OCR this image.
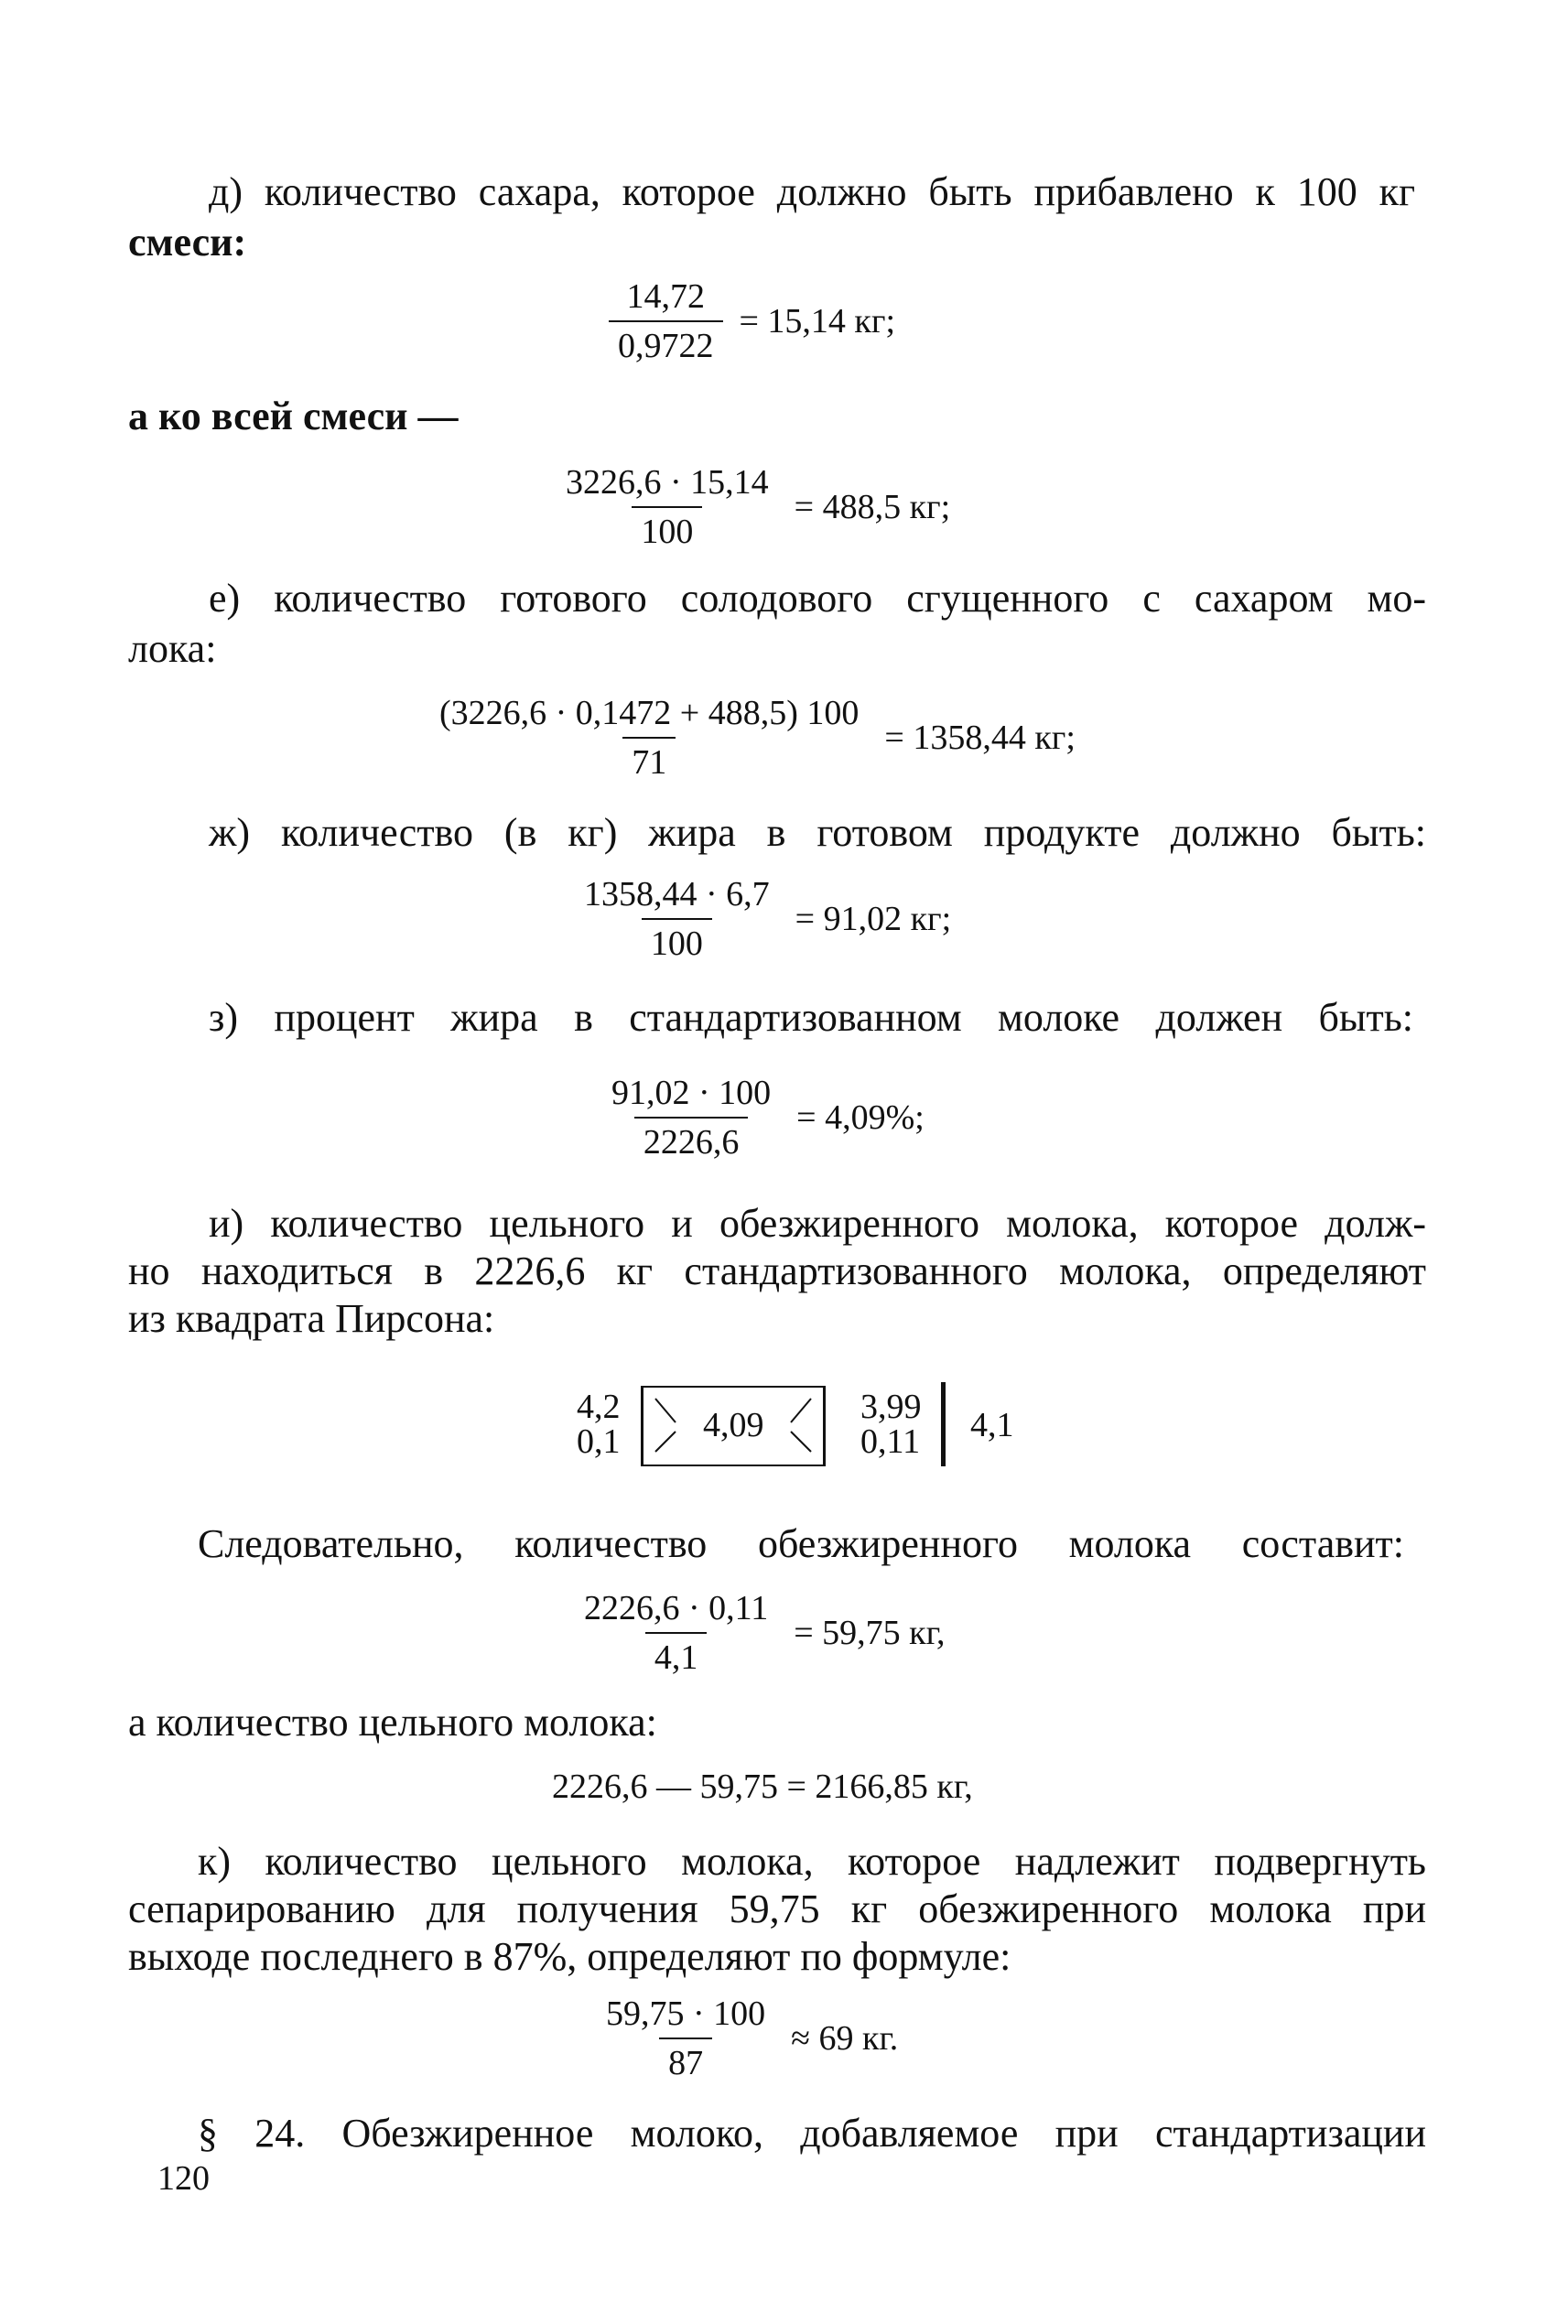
д) количество сахара, которое должно быть прибавлено к 100 кг
смеси:
$\frac{14,72}{0,9722} = 15,14$ кг;
а ко всей смеси —
$\frac{3226,6 \cdot 15,14}{100} = 488,5$ кг;
е) количество готового солодового сгущенного с сахаром мо-
лока:
$\frac{(3226,6 \cdot 0,1472 + 488,5) 100}{71} = 1358,44$ кг;
ж) количество (в кг) жира в готовом продукте должно быть:
$\frac{1358,44 \cdot 6,7}{100} = 91,02$ кг;
з) процент жира в стандартизованном молоке должен быть:
$\frac{91,02 \cdot 100}{2226,6} = 4,09\%$;
и) количество цельного и обезжиренного молока, которое долж-
но находиться в 2226,6 кг стандартизованного молока, определяют
из квадрата Пирсона:
4,2
0,1 4,09	3,99
0,11 4,1
Следовательно, количество обезжиренного молока составит:
$\frac{2226,6 \cdot 0,11}{4,1} = 59,75$ кг,
а количество цельного молока:
2226,6 — 59,75 = 2166,85 кг,
к) количество цельного молока, которое надлежит подвергнуть
сепарированию для получения 59,75 кг обезжиренного молока при
выходе последнего в 87%, определяют по формуле:
$\frac{59,75 \cdot 100}{87} \approx 69$ кг.
§ 24. Обезжиренное молоко, добавляемое при стандартизации
120
